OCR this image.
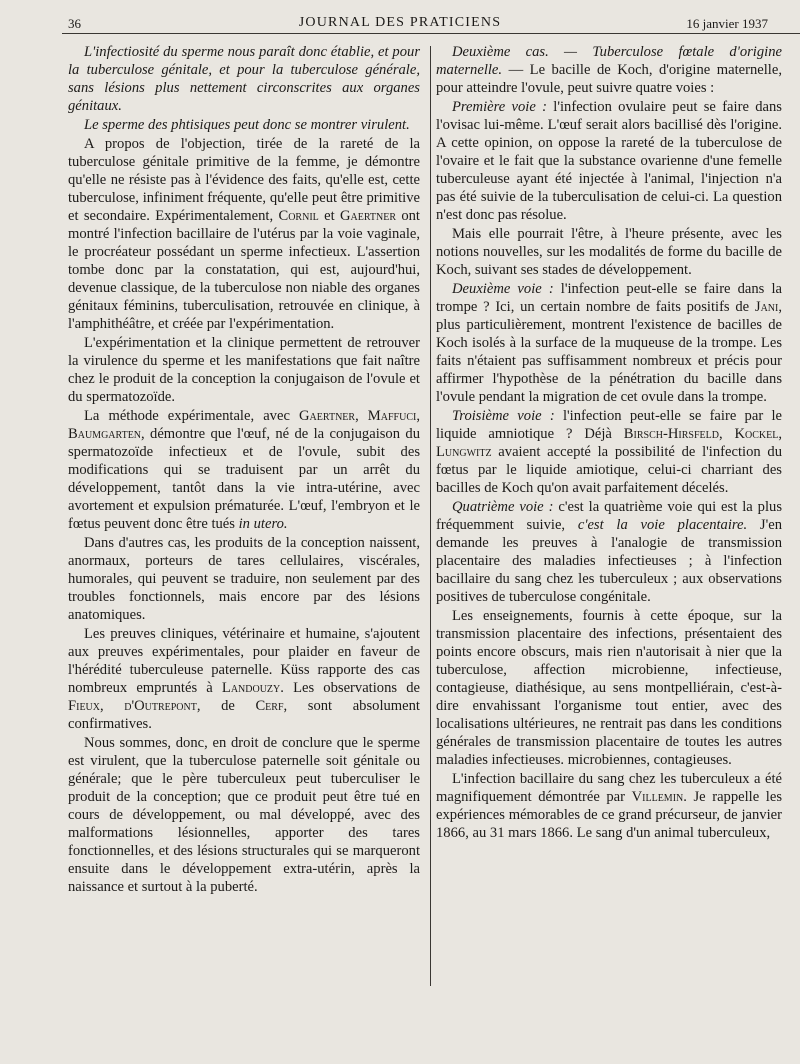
36	JOURNAL DES PRATICIENS	16 janvier 1937

L'infectiosité du sperme nous paraît donc établie, et pour la tuberculose génitale, et pour la tuberculose générale, sans lésions plus nettement circonscrites aux organes génitaux.

Le sperme des phtisiques peut donc se montrer virulent.

A propos de l'objection, tirée de la rareté de la tuberculose génitale primitive de la femme, je démontre qu'elle ne résiste pas à l'évidence des faits, qu'elle est, cette tuberculose, infiniment fréquente, qu'elle peut être primitive et secondaire. Expérimentalement, Cornil et Gaertner ont montré l'infection bacillaire de l'utérus par la voie vaginale, le procréateur possédant un sperme infectieux. L'assertion tombe donc par la constatation, qui est, aujourd'hui, devenue classique, de la tuberculose non niable des organes génitaux féminins, tuberculisation, retrouvée en clinique, à l'amphithéâtre, et créée par l'expérimentation.

L'expérimentation et la clinique permettent de retrouver la virulence du sperme et les manifestations que fait naître chez le produit de la conception la conjugaison de l'ovule et du spermatozoïde.

La méthode expérimentale, avec Gaertner, Maffuci, Baumgarten, démontre que l'œuf, né de la conjugaison du spermatozoïde infectieux et de l'ovule, subit des modifications qui se traduisent par un arrêt du développement, tantôt dans la vie intra-utérine, avec avortement et expulsion prématurée. L'œuf, l'embryon et le fœtus peuvent donc être tués in utero.

Dans d'autres cas, les produits de la conception naissent, anormaux, porteurs de tares cellulaires, viscérales, humorales, qui peuvent se traduire, non seulement par des troubles fonctionnels, mais encore par des lésions anatomiques.

Les preuves cliniques, vétérinaire et humaine, s'ajoutent aux preuves expérimentales, pour plaider en faveur de l'hérédité tuberculeuse paternelle. Küss rapporte des cas nombreux empruntés à Landouzy. Les observations de Fieux, d'Outrepont, de Cerf, sont absolument confirmatives.

Nous sommes, donc, en droit de conclure que le sperme est virulent, que la tuberculose paternelle soit génitale ou générale; que le père tuberculeux peut tuberculiser le produit de la conception; que ce produit peut être tué en cours de développement, ou mal développé, avec des malformations lésionnelles, apporter des tares fonctionnelles, et des lésions structurales qui se marqueront ensuite dans le développement extra-utérin, après la naissance et surtout à la puberté.

Deuxième cas. — Tuberculose fœtale d'origine maternelle. — Le bacille de Koch, d'origine maternelle, pour atteindre l'ovule, peut suivre quatre voies :

Première voie : l'infection ovulaire peut se faire dans l'ovisac lui-même. L'œuf serait alors bacillisé dès l'origine. A cette opinion, on oppose la rareté de la tuberculose de l'ovaire et le fait que la substance ovarienne d'une femelle tuberculeuse ayant été injectée à l'animal, l'injection n'a pas été suivie de la tuberculisation de celui-ci. La question n'est donc pas résolue.

Mais elle pourrait l'être, à l'heure présente, avec les notions nouvelles, sur les modalités de forme du bacille de Koch, suivant ses stades de développement.

Deuxième voie : l'infection peut-elle se faire dans la trompe ? Ici, un certain nombre de faits positifs de Jani, plus particulièrement, montrent l'existence de bacilles de Koch isolés à la surface de la muqueuse de la trompe. Les faits n'étaient pas suffisamment nombreux et précis pour affirmer l'hypothèse de la pénétration du bacille dans l'ovule pendant la migration de cet ovule dans la trompe.

Troisième voie : l'infection peut-elle se faire par le liquide amniotique ? Déjà Birsch-Hirsfeld, Kockel, Lungwitz avaient accepté la possibilité de l'infection du fœtus par le liquide amiotique, celui-ci charriant des bacilles de Koch qu'on avait parfaitement décelés.

Quatrième voie : c'est la quatrième voie qui est la plus fréquemment suivie, c'est la voie placentaire. J'en demande les preuves à l'analogie de transmission placentaire des maladies infectieuses ; à l'infection bacillaire du sang chez les tuberculeux ; aux observations positives de tuberculose congénitale.

Les enseignements, fournis à cette époque, sur la transmission placentaire des infections, présentaient des points encore obscurs, mais rien n'autorisait à nier que la tuberculose, affection microbienne, infectieuse, contagieuse, diathésique, au sens montpelliérain, c'est-à-dire envahissant l'organisme tout entier, avec des localisations ultérieures, ne rentrait pas dans les conditions générales de transmission placentaire de toutes les autres maladies infectieuses. microbiennes, contagieuses.

L'infection bacillaire du sang chez les tuberculeux a été magnifiquement démontrée par Villemin. Je rappelle les expériences mémorables de ce grand précurseur, de janvier 1866, au 31 mars 1866. Le sang d'un animal tuberculeux,
